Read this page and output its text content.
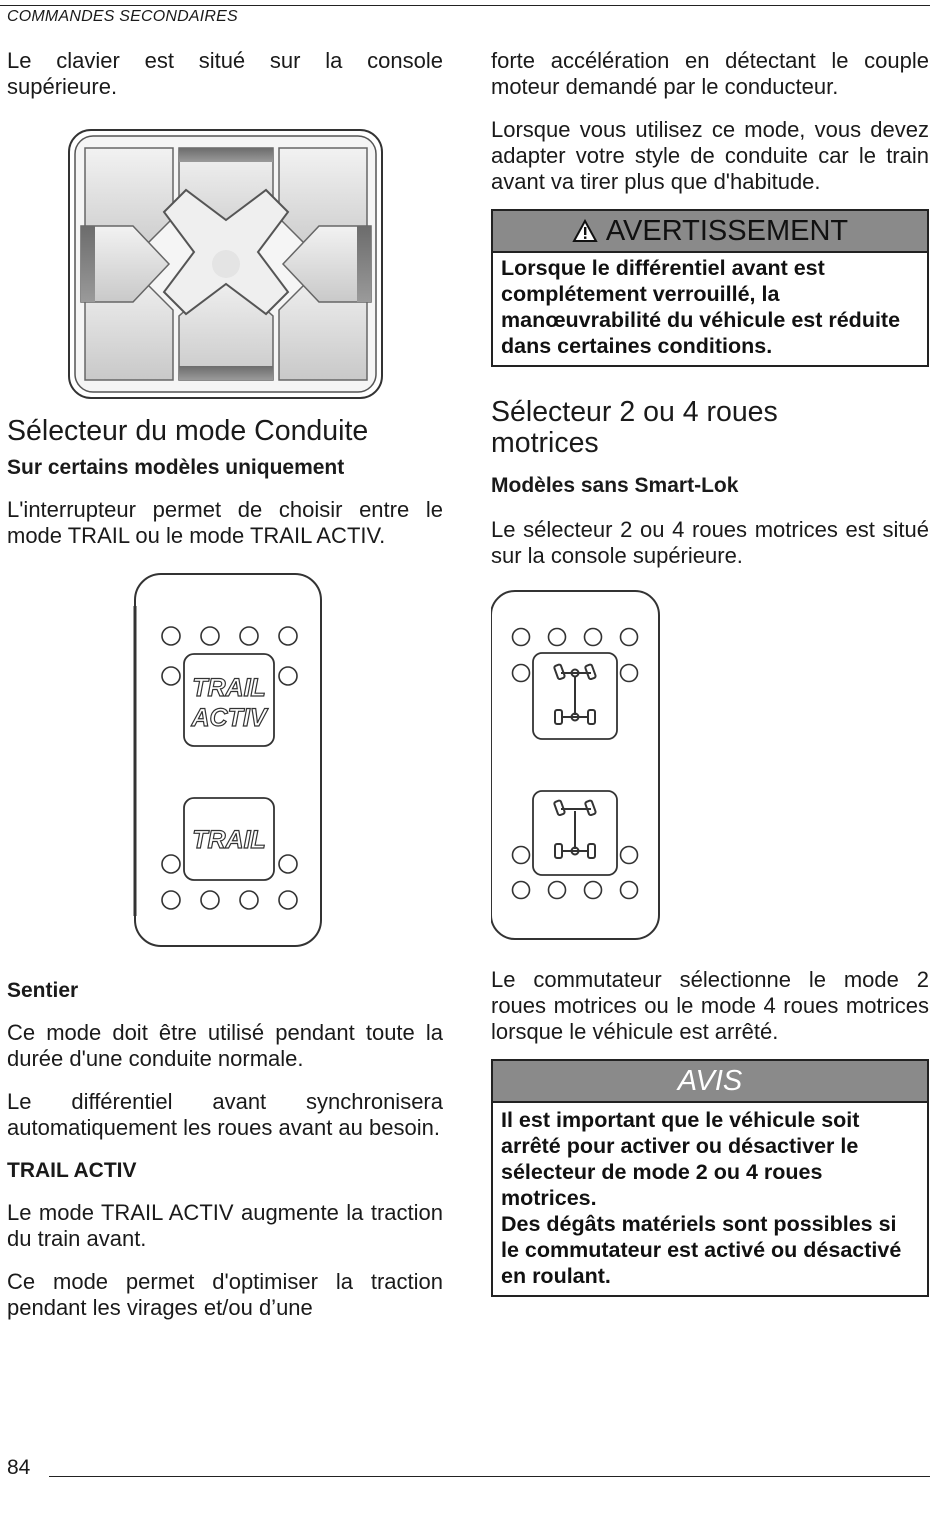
COMMANDES SECONDAIRES

Le clavier est situé sur la console supérieure.

Sélecteur du mode Conduite
Sur certains modèles uniquement

L'interrupteur permet de choisir entre le mode TRAIL ou le mode TRAIL ACTIV.

TRAIL
ACTIV
TRAIL
Sentier

Ce mode doit être utilisé pendant toute la durée d'une conduite normale.

Le différentiel avant synchronisera automatiquement les roues avant au besoin.

TRAIL ACTIV

Le mode TRAIL ACTIV augmente la traction du train avant.

Ce mode permet d'optimiser la traction pendant les virages et/ou d’une

forte accélération en détectant le couple moteur demandé par le conducteur.

Lorsque vous utilisez ce mode, vous devez adapter votre style de conduite car le train avant va tirer plus que d'habitude.

AVERTISSEMENT
Lorsque le différentiel avant est complétement verrouillé, la manœuvrabilité du véhicule est réduite dans certaines conditions.
Sélecteur 2 ou 4 roues motrices
Modèles sans Smart-Lok

Le sélecteur 2 ou 4 roues motrices est situé sur la console supérieure.

Le commutateur sélectionne le mode 2 roues motrices ou le mode 4 roues motrices lorsque le véhicule est arrêté.

AVIS
Il est important que le véhicule soit arrêté pour activer ou désactiver le sélecteur de mode 2 ou 4 roues motrices.
Des dégâts matériels sont possibles si le commutateur est activé ou désactivé en roulant.
84
